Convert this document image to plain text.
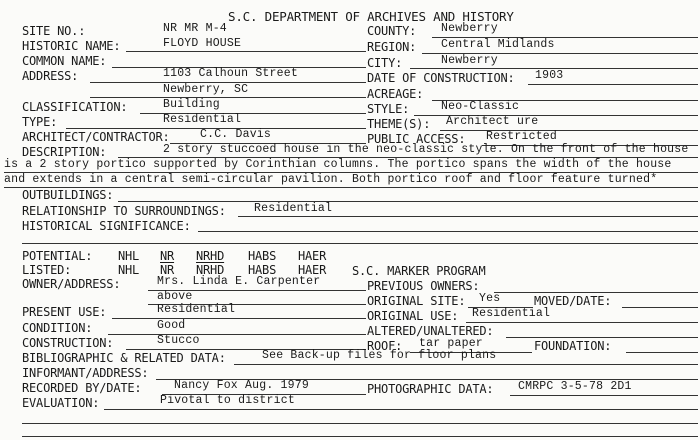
S.C. DEPARTMENT OF ARCHIVES AND HISTORY
SITE NO.:	NR MR M-4	COUNTY: Newberry
HISTORIC NAME:	FLOYD HOUSE	REGION: Central Midlands
COMMON NAME:	CITY:	Newberry
ADDRESS:	1103 Calhoun Street
Newberry, SC
DATE OF CONSTRUCTION: 1903
ACREAGE:
CLASSIFICATION:	Building	STYLE:	Neo-Classic
TYPE:	Residential	THEME(S): Architect ure
ARCHITECT/CONTRACTOR:	C.C. Davis	PUBLIC ACCESS: Restricted
DESCRIPTION:	2 story stuccoed house in the neo-classic style. On the front of the house
is a 2 story portico supported by Corinthian columns. The portico spans the width of the house
and extends in a central semi-circular pavilion. Both portico roof and floor feature turned*
OUTBUILDINGS:
RELATIONSHIP TO SURROUNDINGS: Residential
HISTORICAL SIGNIFICANCE:
POTENTIAL: NHL NR NRHD HABS HAER
LISTED:	NHL NR NRHD HABS HAER S.C. MARKER PROGRAM
OWNER/ADDRESS:	Mrs. Linda E. Carpenter
above
PREVIOUS OWNERS:
ORIGINAL SITE: Yes	MOVED/DATE:
PRESENT USE:	Residential	ORIGINAL USE: Residential
CONDITION:	Good	ALTERED/UNALTERED:
CONSTRUCTION:	Stucco	ROOF: tar paper	FOUNDATION:
BIBLIOGRAPHIC & RELATED DATA:	See Back-up files for floor plans
INFORMANT/ADDRESS:
RECORDED BY/DATE:	Nancy Fox Aug. 1979	PHOTOGRAPHIC DATA: CMRPC 3-5-78 2D1
EVALUATION:	Pivotal to district
